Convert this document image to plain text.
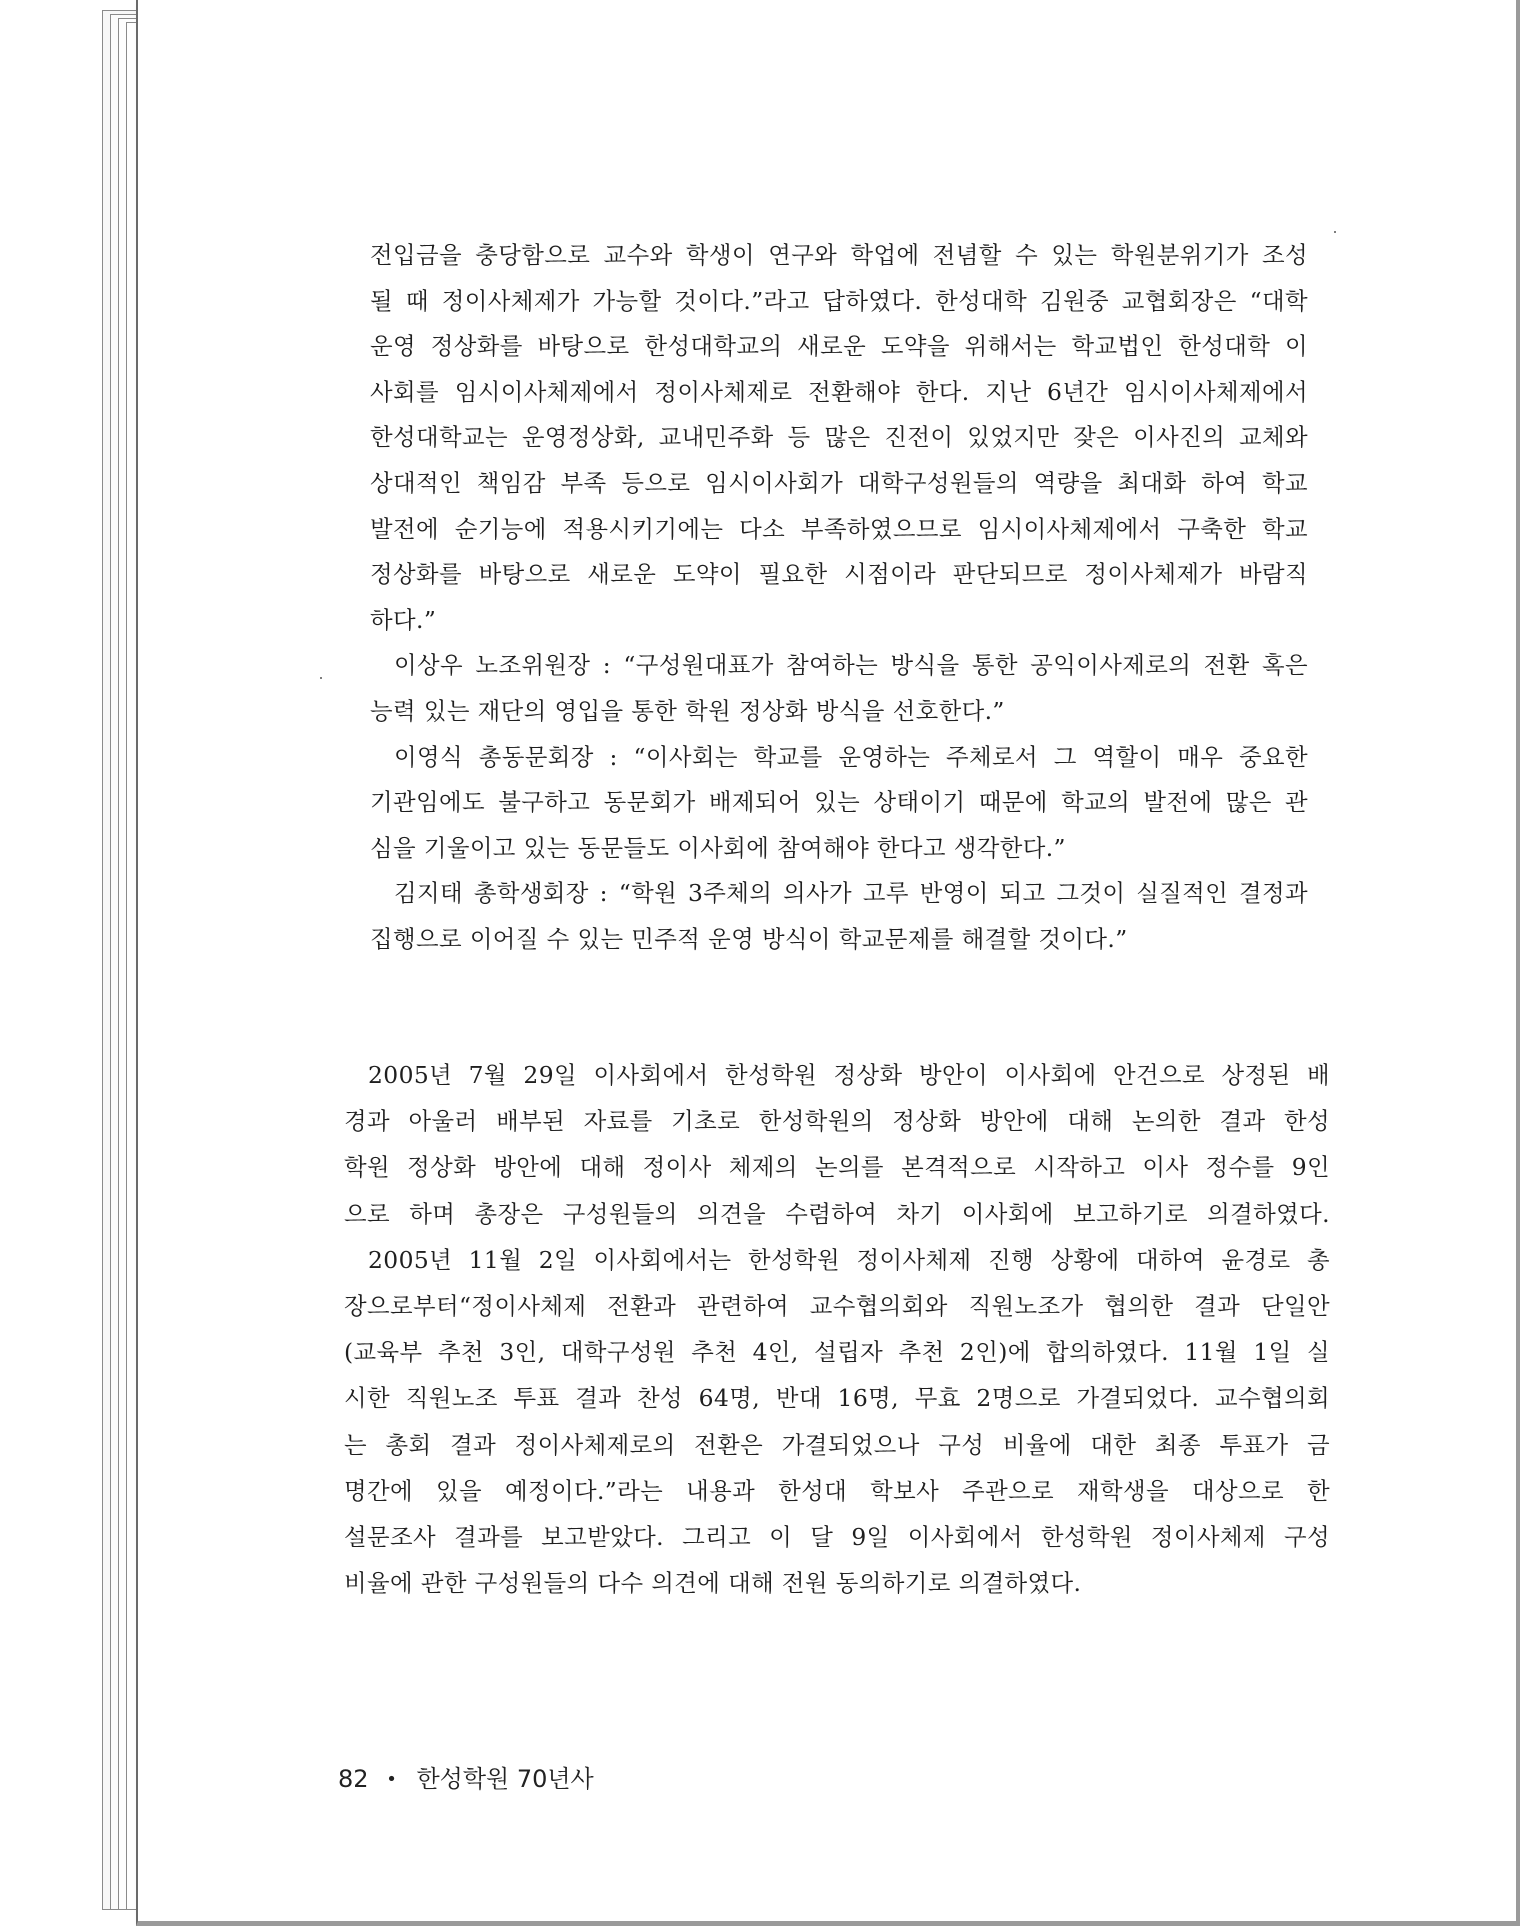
전입금을 충당함으로 교수와 학생이 연구와 학업에 전념할 수 있는 학원분위기가 조성
될 때 정이사체제가 가능할 것이다.”라고 답하였다. 한성대학 김원중 교협회장은 “대학
운영 정상화를 바탕으로 한성대학교의 새로운 도약을 위해서는 학교법인 한성대학 이
사회를 임시이사체제에서 정이사체제로 전환해야 한다. 지난 6년간 임시이사체제에서
한성대학교는 운영정상화, 교내민주화 등 많은 진전이 있었지만 잦은 이사진의 교체와
상대적인 책임감 부족 등으로 임시이사회가 대학구성원들의 역량을 최대화 하여 학교
발전에 순기능에 적용시키기에는 다소 부족하였으므로 임시이사체제에서 구축한 학교
정상화를 바탕으로 새로운 도약이 필요한 시점이라 판단되므로 정이사체제가 바람직
하다.”
이상우 노조위원장 : “구성원대표가 참여하는 방식을 통한 공익이사제로의 전환 혹은
능력 있는 재단의 영입을 통한 학원 정상화 방식을 선호한다.”
이영식 총동문회장 : “이사회는 학교를 운영하는 주체로서 그 역할이 매우 중요한
기관임에도 불구하고 동문회가 배제되어 있는 상태이기 때문에 학교의 발전에 많은 관
심을 기울이고 있는 동문들도 이사회에 참여해야 한다고 생각한다.”
김지태 총학생회장 : “학원 3주체의 의사가 고루 반영이 되고 그것이 실질적인 결정과
집행으로 이어질 수 있는 민주적 운영 방식이 학교문제를 해결할 것이다.”
2005년 7월 29일 이사회에서 한성학원 정상화 방안이 이사회에 안건으로 상정된 배
경과 아울러 배부된 자료를 기초로 한성학원의 정상화 방안에 대해 논의한 결과 한성
학원 정상화 방안에 대해 정이사 체제의 논의를 본격적으로 시작하고 이사 정수를 9인
으로 하며 총장은 구성원들의 의견을 수렴하여 차기 이사회에 보고하기로 의결하였다.
2005년 11월 2일 이사회에서는 한성학원 정이사체제 진행 상황에 대하여 윤경로 총
장으로부터“정이사체제 전환과 관련하여 교수협의회와 직원노조가 협의한 결과 단일안
(교육부 추천 3인, 대학구성원 추천 4인, 설립자 추천 2인)에 합의하였다. 11월 1일 실
시한 직원노조 투표 결과 찬성 64명, 반대 16명, 무효 2명으로 가결되었다. 교수협의회
는 총회 결과 정이사체제로의 전환은 가결되었으나 구성 비율에 대한 최종 투표가 금
명간에 있을 예정이다.”라는 내용과 한성대 학보사 주관으로 재학생을 대상으로 한
설문조사 결과를 보고받았다. 그리고 이 달 9일 이사회에서 한성학원 정이사체제 구성
비율에 관한 구성원들의 다수 의견에 대해 전원 동의하기로 의결하였다.
82 • 한성학원 70년사
